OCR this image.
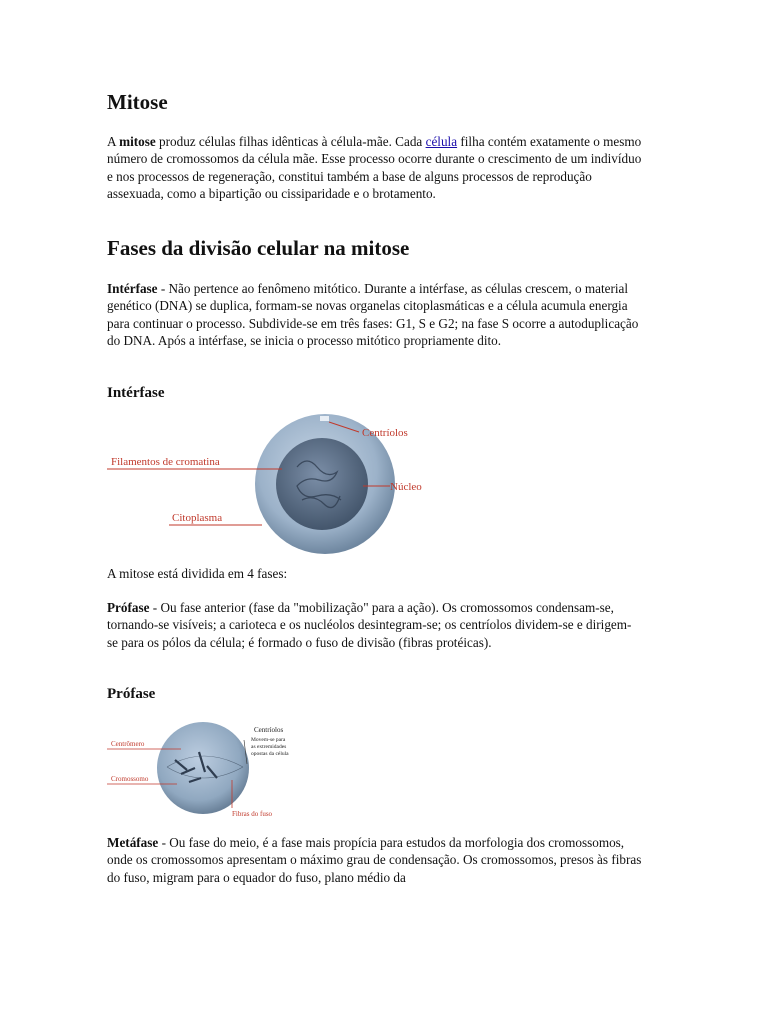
Mitose

A mitose produz células filhas idênticas à célula-mãe. Cada célula filha contém exatamente o mesmo número de cromossomos da célula mãe. Esse processo ocorre durante o crescimento de um indivíduo e nos processos de regeneração, constitui também a base de alguns processos de reprodução assexuada, como a bipartição ou cissiparidade e o brotamento.

Fases da divisão celular na mitose

Intérfase - Não pertence ao fenômeno mitótico. Durante a intérfase, as células crescem, o material genético (DNA) se duplica, formam-se novas organelas citoplasmáticas e a célula acumula energia para continuar o processo. Subdivide-se em três fases: G1, S e G2; na fase S ocorre a autoduplicação do DNA. Após a intérfase, se inicia o processo mitótico propriamente dito.

Intérfase
Centríolos
Filamentos de cromatina
Núcleo
Citoplasma

A mitose está dividida em 4 fases:

Prófase - Ou fase anterior (fase da "mobilização" para a ação). Os cromossomos condensam-se, tornando-se visíveis; a carioteca e os nucléolos desintegram-se; os centríolos dividem-se e dirigem-se para os pólos da célula; é formado o fuso de divisão (fibras protéicas).

Prófase
Centrômero
Cromossomo
Fibras do fuso
Centríolos
Movem-se para
as extremidades
opostas da célula

Metáfase - Ou fase do meio, é a fase mais propícia para estudos da morfologia dos cromossomos, onde os cromossomos apresentam o máximo grau de condensação. Os cromossomos, presos às fibras do fuso, migram para o equador do fuso, plano médio da
